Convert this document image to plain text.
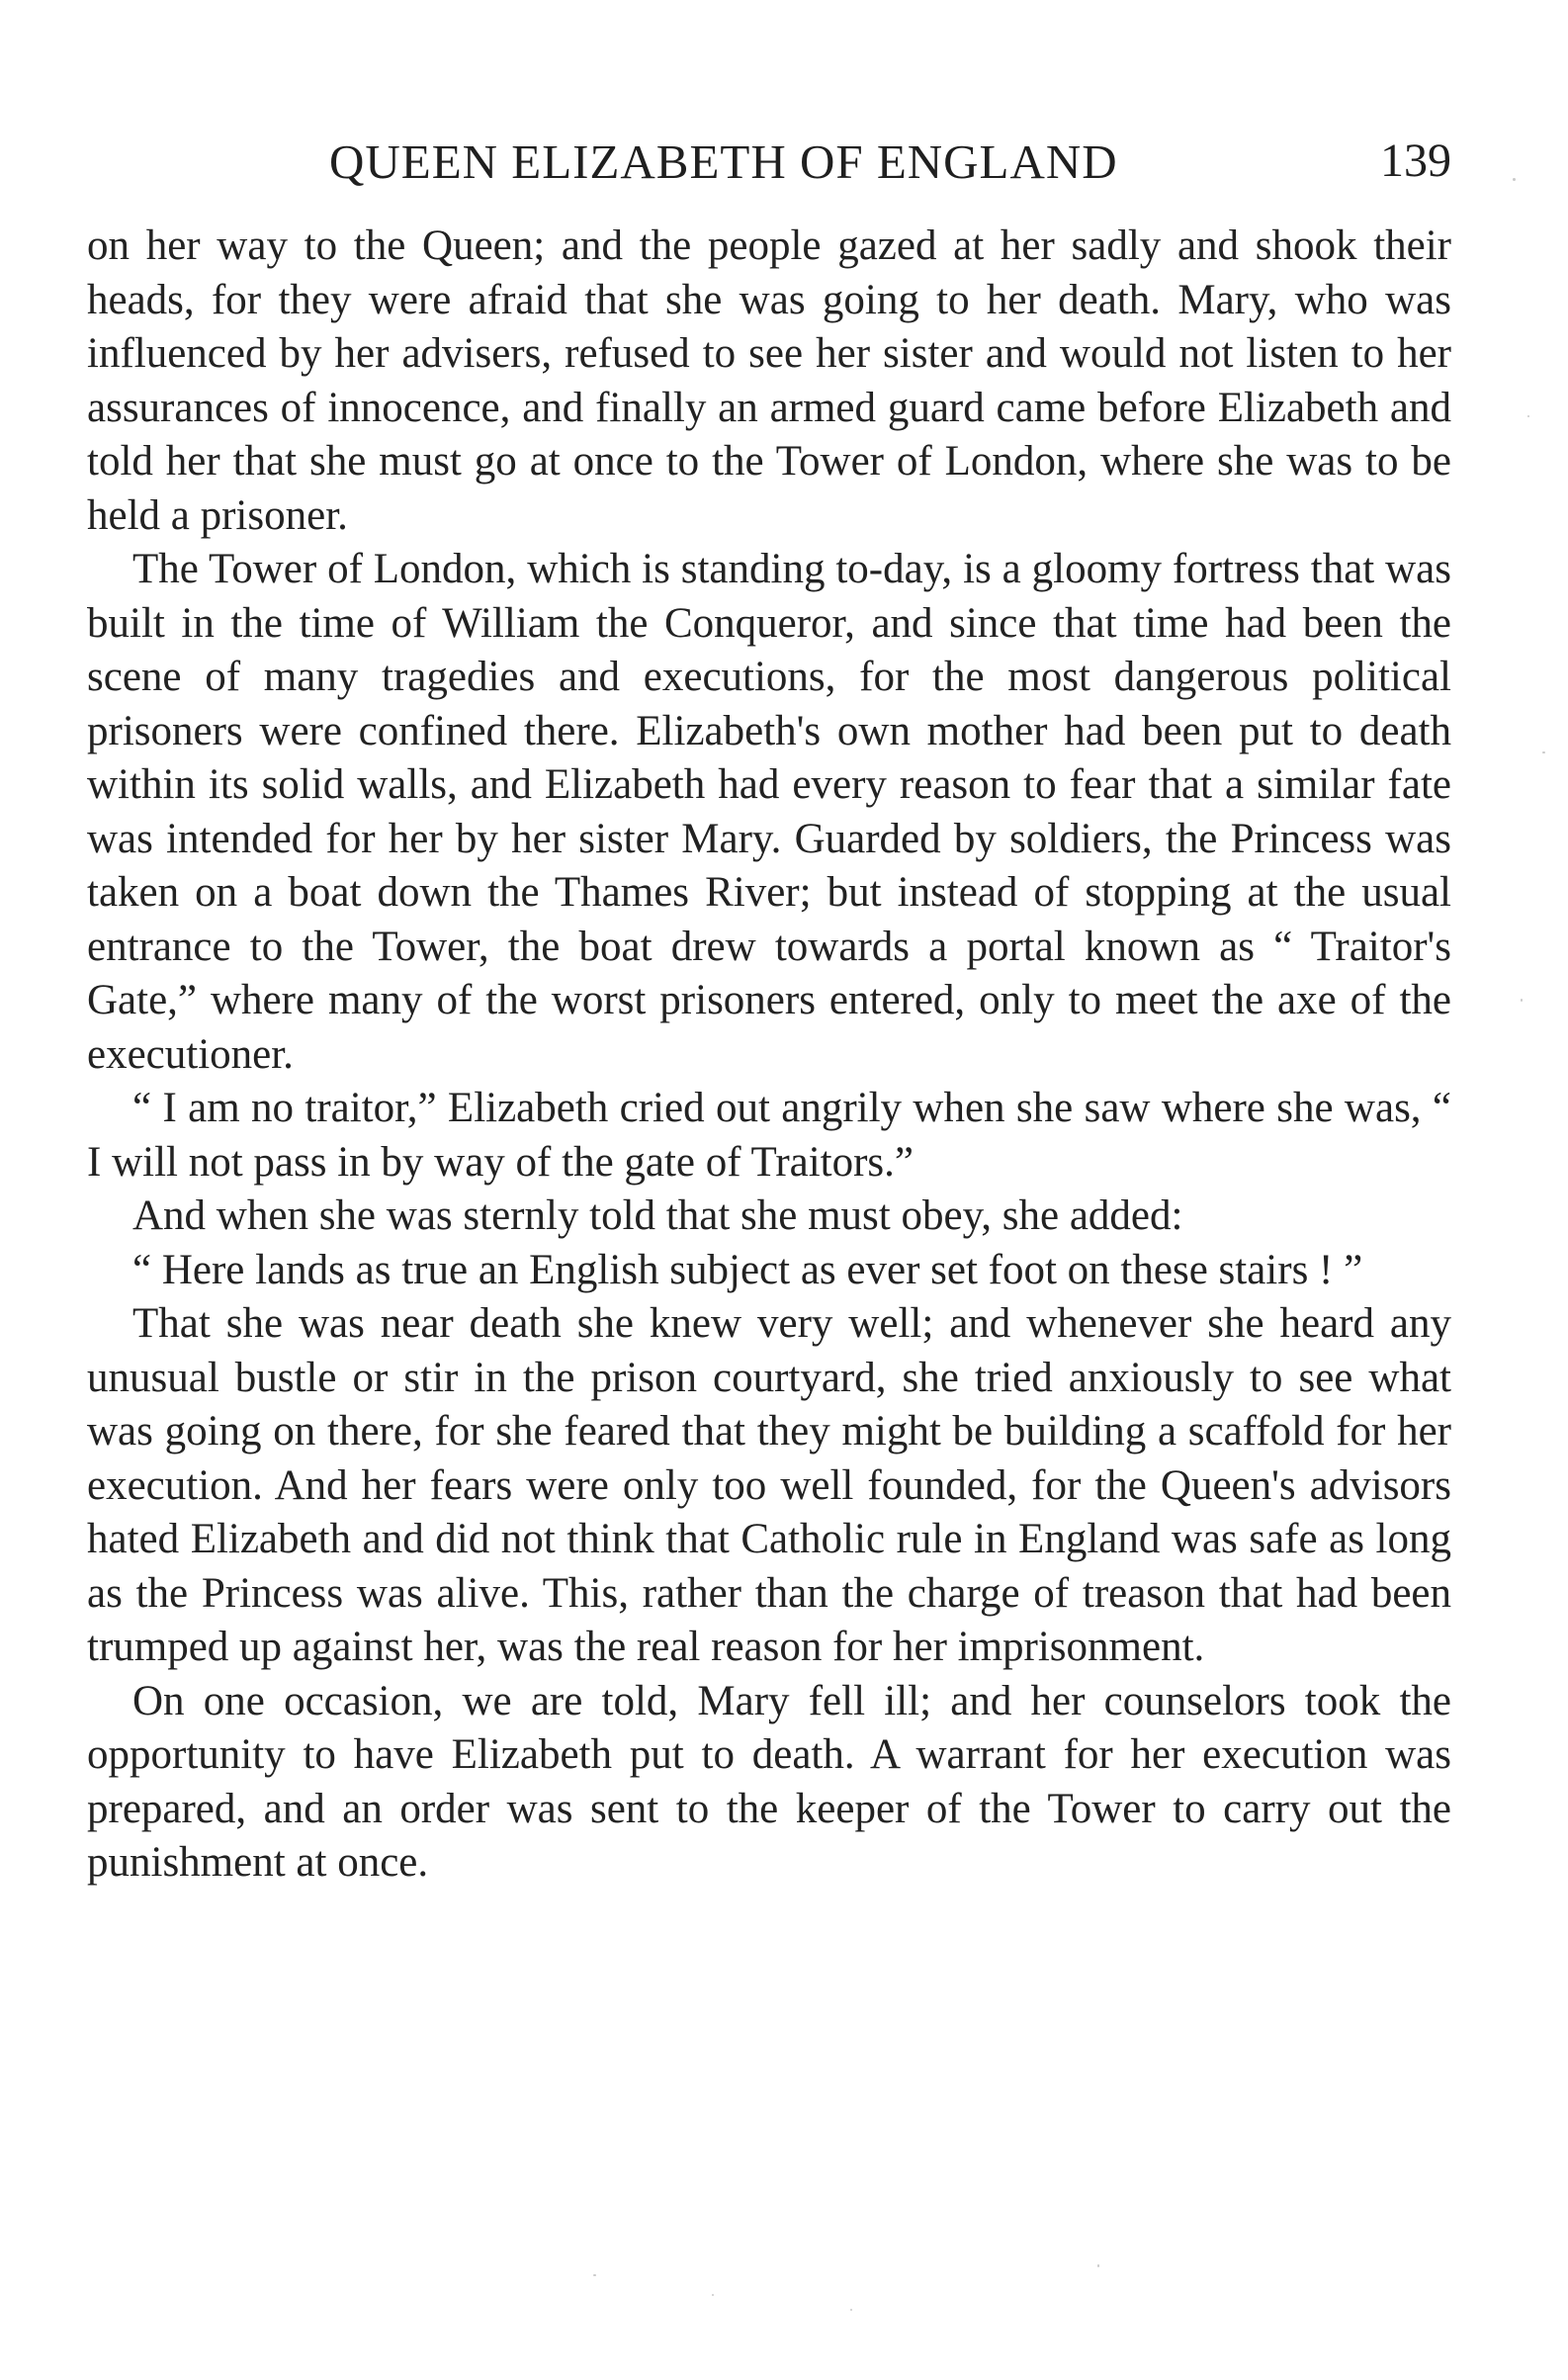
QUEEN ELIZABETH OF ENGLAND	139

on her way to the Queen; and the people gazed at her sadly and shook their heads, for they were afraid that she was going to her death. Mary, who was influenced by her advisers, refused to see her sister and would not listen to her assurances of innocence, and finally an armed guard came before Elizabeth and told her that she must go at once to the Tower of London, where she was to be held a prisoner.

The Tower of London, which is standing to-day, is a gloomy fortress that was built in the time of William the Conqueror, and since that time had been the scene of many tragedies and executions, for the most dangerous political prisoners were confined there. Elizabeth's own mother had been put to death within its solid walls, and Elizabeth had every reason to fear that a similar fate was intended for her by her sister Mary. Guarded by soldiers, the Princess was taken on a boat down the Thames River; but instead of stopping at the usual entrance to the Tower, the boat drew towards a portal known as “ Traitor's Gate,” where many of the worst prisoners entered, only to meet the axe of the executioner.

“ I am no traitor,” Elizabeth cried out angrily when she saw where she was, “ I will not pass in by way of the gate of Traitors.”

And when she was sternly told that she must obey, she added:

“ Here lands as true an English subject as ever set foot on these stairs ! ”

That she was near death she knew very well; and whenever she heard any unusual bustle or stir in the prison courtyard, she tried anxiously to see what was going on there, for she feared that they might be building a scaffold for her execution. And her fears were only too well founded, for the Queen's advisors hated Elizabeth and did not think that Catholic rule in England was safe as long as the Princess was alive. This, rather than the charge of treason that had been trumped up against her, was the real reason for her imprisonment.

On one occasion, we are told, Mary fell ill; and her counselors took the opportunity to have Elizabeth put to death. A warrant for her execution was prepared, and an order was sent to the keeper of the Tower to carry out the punishment at once.
